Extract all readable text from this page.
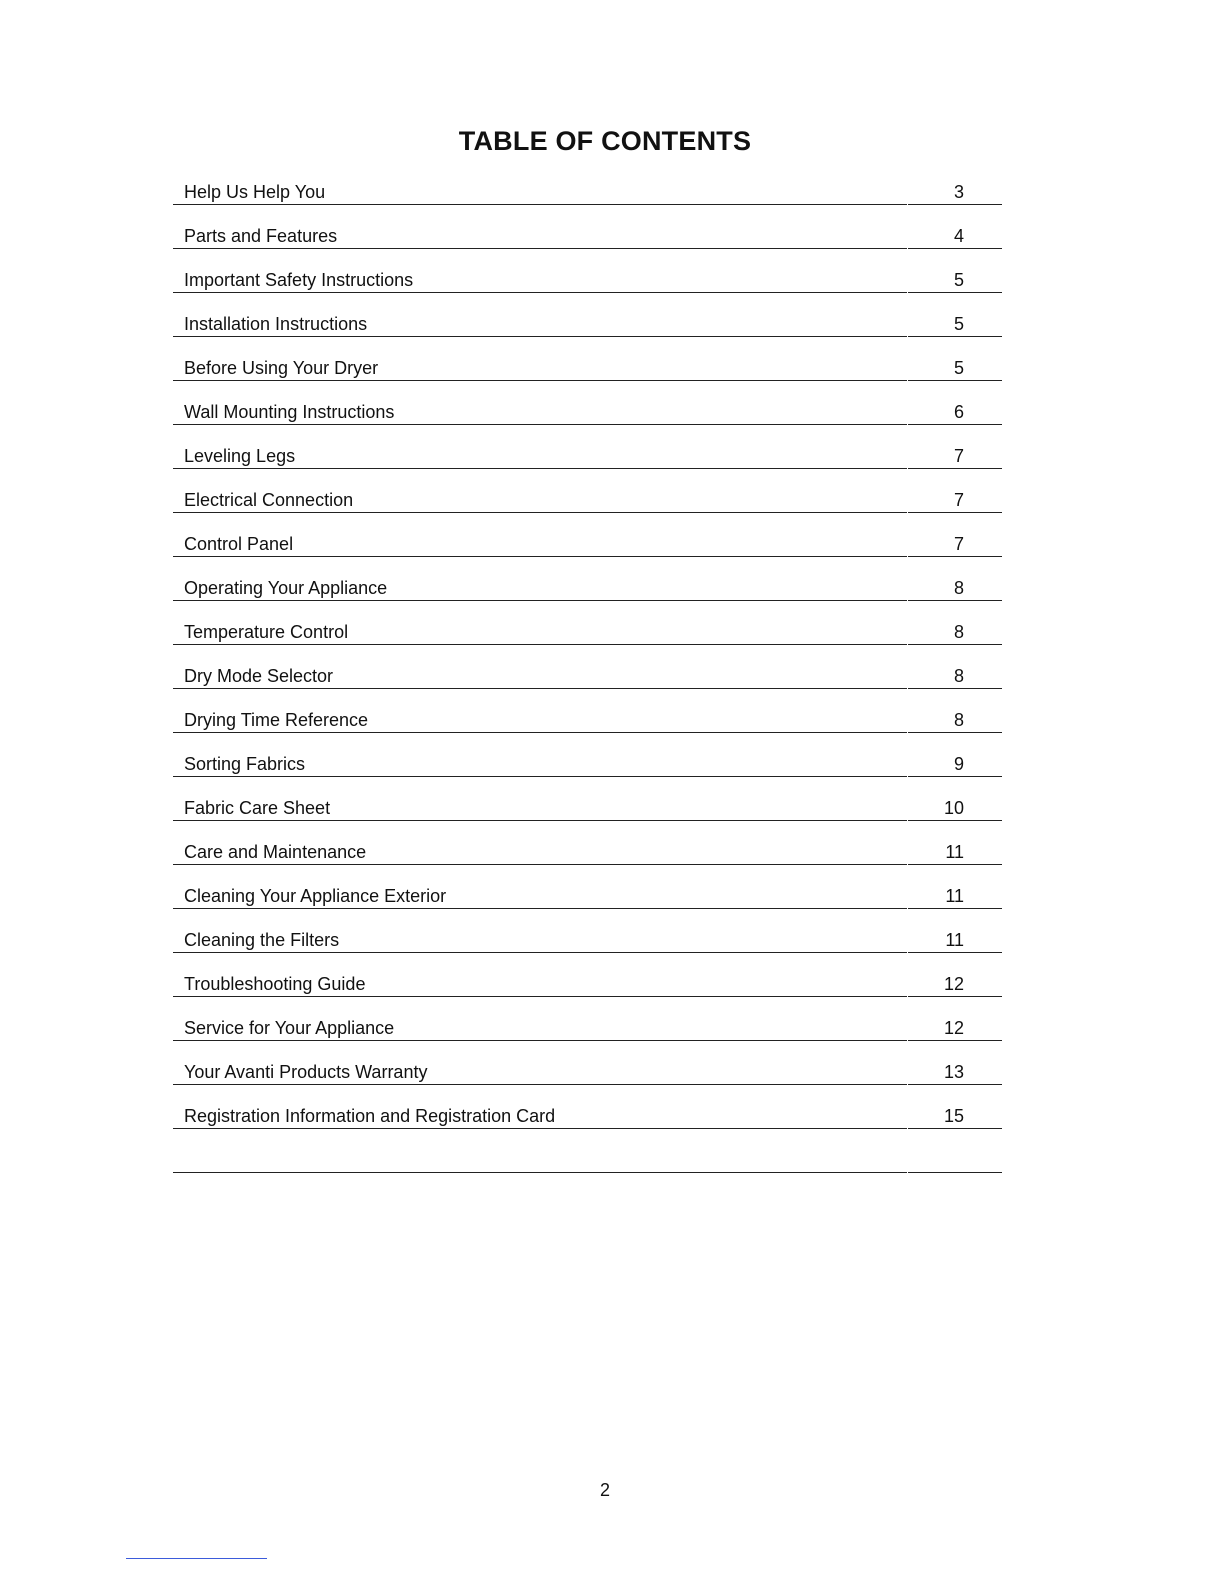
TABLE OF CONTENTS
Help Us Help You	3
Parts and Features	4
Important Safety Instructions	5
Installation Instructions	5
Before Using Your Dryer	5
Wall Mounting Instructions	6
Leveling Legs	7
Electrical Connection	7
Control Panel	7
Operating Your Appliance	8
Temperature Control	8
Dry Mode Selector	8
Drying Time Reference	8
Sorting Fabrics	9
Fabric Care Sheet	10
Care and Maintenance	11
Cleaning Your Appliance Exterior	11
Cleaning the Filters	11
Troubleshooting Guide	12
Service for Your Appliance	12
Your Avanti Products Warranty	13
Registration Information and Registration Card	15
2
